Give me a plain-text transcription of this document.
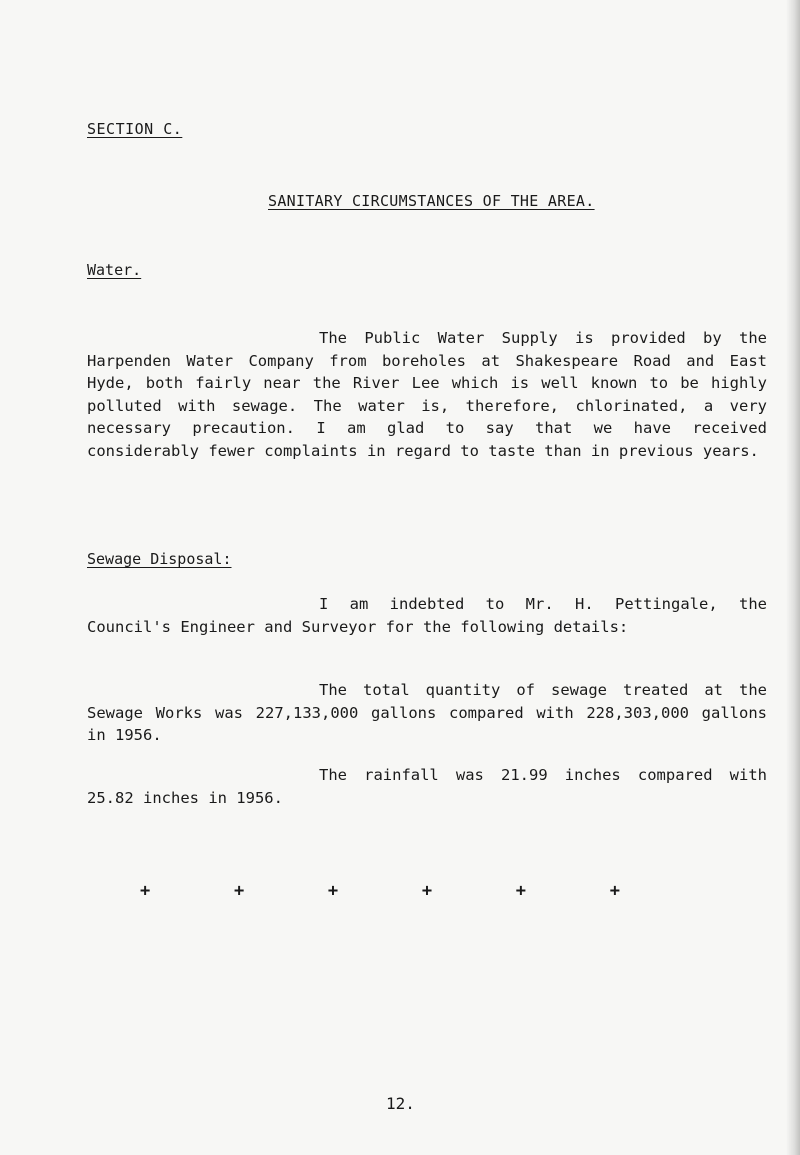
SECTION C.

SANITARY CIRCUMSTANCES OF THE AREA.

Water.

The Public Water Supply is provided by the Harpenden Water Company from boreholes at Shakespeare Road and East Hyde, both fairly near the River Lee which is well known to be highly polluted with sewage. The water is, therefore, chlorinated, a very necessary precaution. I am glad to say that we have received considerably fewer complaints in regard to taste than in previous years.

Sewage Disposal:

I am indebted to Mr. H. Pettingale, the Council's Engineer and Surveyor for the following details:

The total quantity of sewage treated at the Sewage Works was 227,133,000 gallons compared with 228,303,000 gallons in 1956.

The rainfall was 21.99 inches compared with 25.82 inches in 1956.

+	+	+	+	+	+

12.
